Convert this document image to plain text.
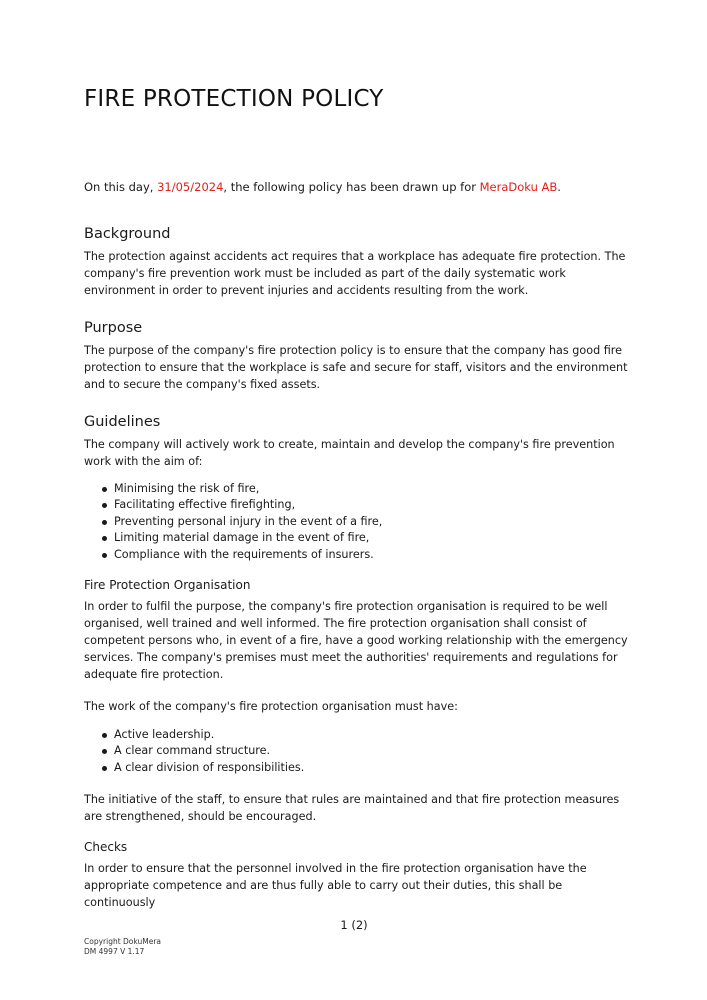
FIRE PROTECTION POLICY
On this day, 31/05/2024, the following policy has been drawn up for MeraDoku AB.
Background

The protection against accidents act requires that a workplace has adequate fire protection. The company's fire prevention work must be included as part of the daily systematic work environment in order to prevent injuries and accidents resulting from the work.

Purpose

The purpose of the company's fire protection policy is to ensure that the company has good fire protection to ensure that the workplace is safe and secure for staff, visitors and the environment and to secure the company's fixed assets.

Guidelines

The company will actively work to create, maintain and develop the company's fire prevention work with the aim of:

Minimising the risk of fire,
Facilitating effective firefighting,
Preventing personal injury in the event of a fire,
Limiting material damage in the event of fire,
Compliance with the requirements of insurers.
Fire Protection Organisation

In order to fulfil the purpose, the company's fire protection organisation is required to be well organised, well trained and well informed. The fire protection organisation shall consist of competent persons who, in event of a fire, have a good working relationship with the emergency services. The company's premises must meet the authorities' requirements and regulations for adequate fire protection.

The work of the company's fire protection organisation must have:

Active leadership.
A clear command structure.
A clear division of responsibilities.

The initiative of the staff, to ensure that rules are maintained and that fire protection measures are strengthened, should be encouraged.

Checks

In order to ensure that the personnel involved in the fire protection organisation have the appropriate competence and are thus fully able to carry out their duties, this shall be continuously

1 (2)
Copyright DokuMera
DM 4997 V 1.17
